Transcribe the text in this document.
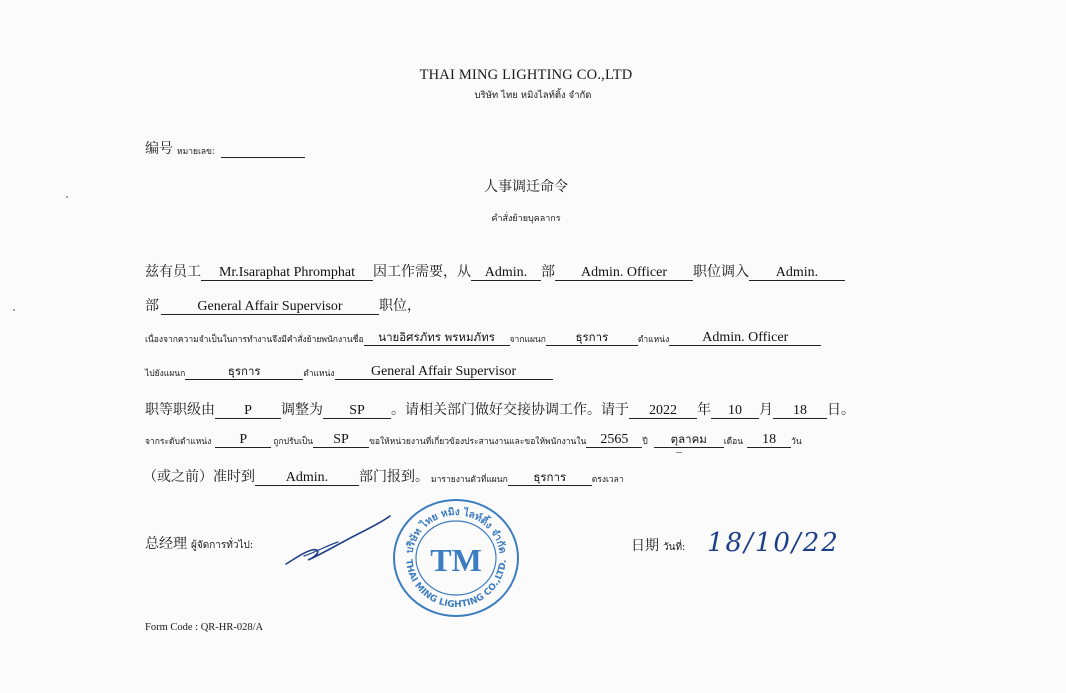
THAI MING LIGHTING CO.,LTD
บริษัท ไทย หมิงไลท์ติ้ง จำกัด
编号 หมายเลข:
人事调迁命令
คำสั่งย้ายบุคลากร
兹有员工	Mr.Isaraphat Phromphat	因工作需要，从 Admin. 部	Admin. Officer	职位调入	Admin.
部	General Affair Supervisor	职位，
เนื่องจากความจำเป็นในการทำงานจึงมีคำสั่งย้ายพนักงานชื่อ	นายอิศรภัทร พรหมภัทร	จากแผนก	ธุรการ	ตำแหน่ง	Admin. Officer
ไปยังแผนก	ธุรการ	ตำแหน่ง	General Affair Supervisor
职等职级由	P	调整为	SP	。请相关部门做好交接协调工作。请于	2022	年	10	月	18	日。
จากระดับตำแหน่ง	P	ถูกปรับเป็น	SP	ขอให้หน่วยงานที่เกี่ยวข้องประสานงานและขอให้พนักงานใน	2565	ปี	ตุลาคม	เดือน	18	วัน
（或之前）准时到	Admin.	部门报到。 มารายงานตัวที่แผนก	ธุรการ	ตรงเวลา
总经理 ผู้จัดการทั่วไป:	บริษัท ไทย หมิง ไลท์ติ้ง จำกัด
THAI MING LIGHTING CO.,LTD.
TM	日期 วันที่: 18/10/22
Form Code : QR-HR-028/A
